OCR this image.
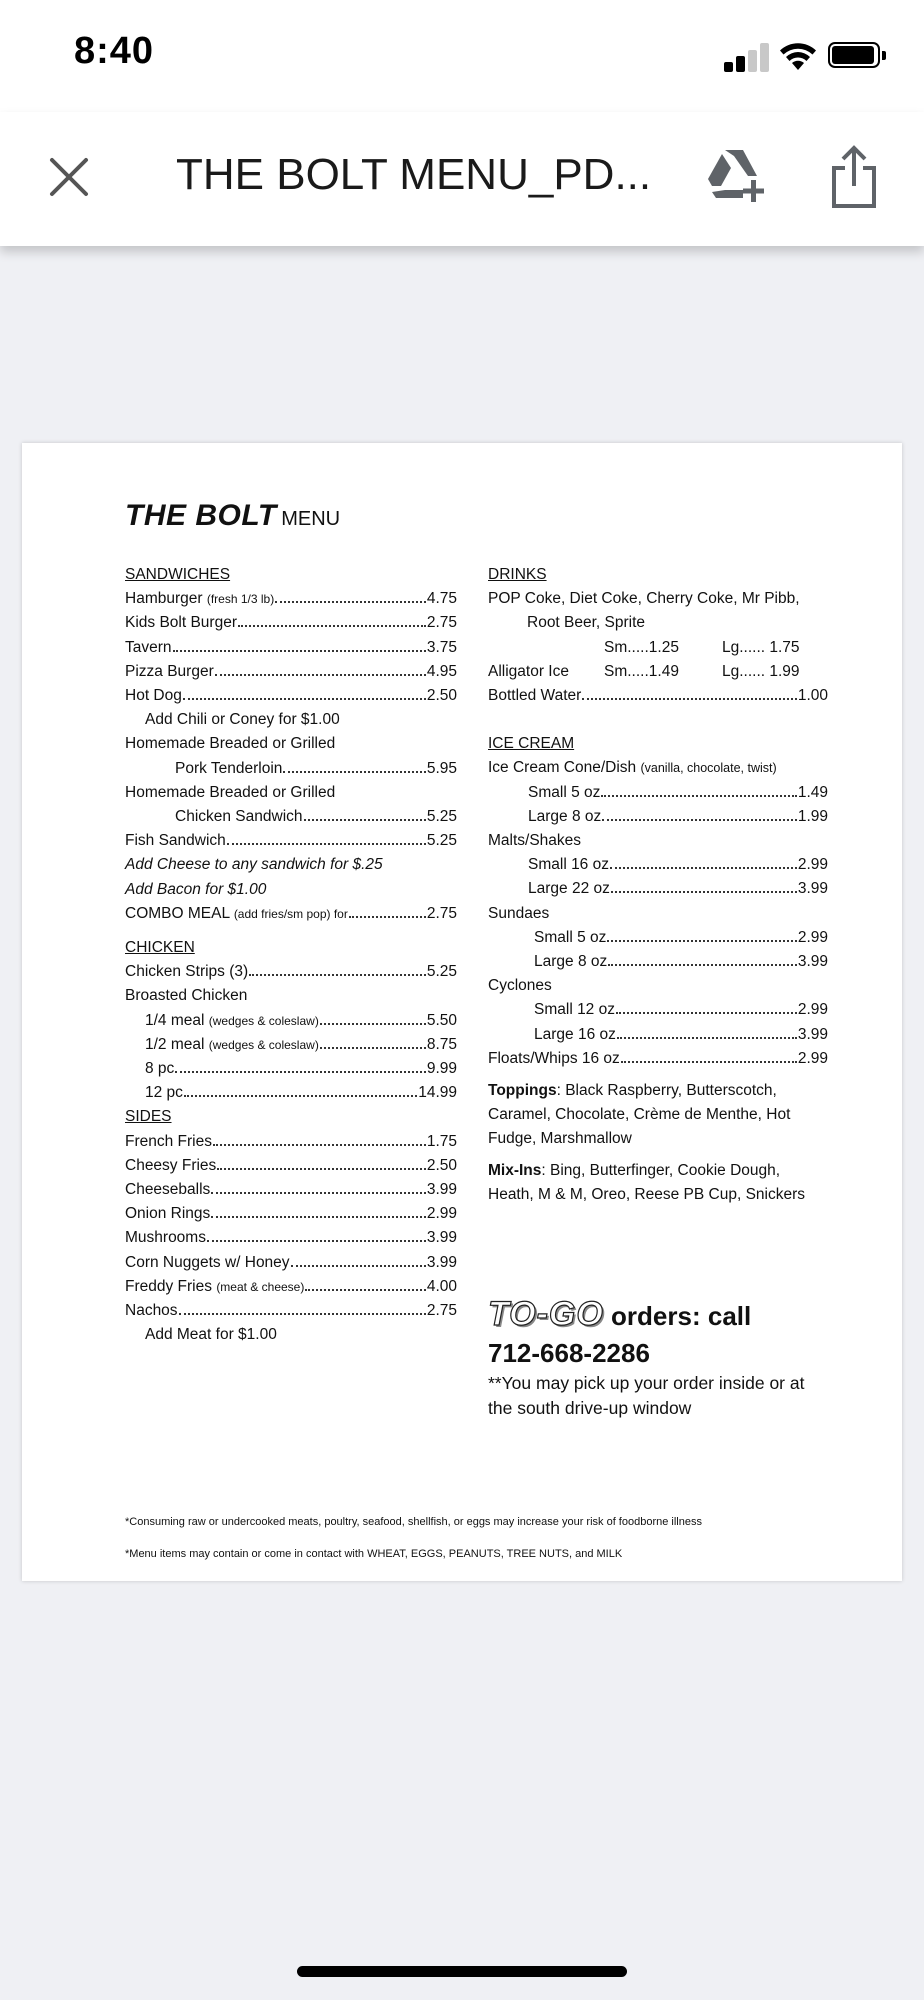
8:40
THE BOLT MENU_PD...
THE BOLT MENU
SANDWICHES
Hamburger (fresh 1/3 lb)	4.75
Kids Bolt Burger	2.75
Tavern	3.75
Pizza Burger	4.95
Hot Dog	2.50
Add Chili or Coney for $1.00
Homemade Breaded or Grilled
Pork Tenderloin	5.95
Homemade Breaded or Grilled
Chicken Sandwich	5.25
Fish Sandwich	5.25
Add Cheese to any sandwich for $.25
Add Bacon for $1.00
COMBO MEAL (add fries/sm pop) for	2.75
CHICKEN
Chicken Strips (3)	5.25
Broasted Chicken
1/4 meal (wedges & coleslaw)	5.50
1/2 meal (wedges & coleslaw)	8.75
8 pc	9.99
12 pc	14.99
SIDES
French Fries	1.75
Cheesy Fries	2.50
Cheeseballs	3.99
Onion Rings	2.99
Mushrooms	3.99
Corn Nuggets w/ Honey	3.99
Freddy Fries (meat & cheese)	4.00
Nachos	2.75
Add Meat for $1.00
DRINKS
POP Coke, Diet Coke, Cherry Coke, Mr Pibb,
Root Beer, Sprite
Sm.....1.25	Lg...... 1.75
Alligator Ice	Sm.....1.49	Lg...... 1.99
Bottled Water	1.00
ICE CREAM
Ice Cream Cone/Dish (vanilla, chocolate, twist)
Small 5 oz	1.49
Large 8 oz	1.99
Malts/Shakes
Small 16 oz	2.99
Large 22 oz	3.99
Sundaes
Small 5 oz	2.99
Large 8 oz	3.99
Cyclones
Small 12 oz	2.99
Large 16 oz	3.99
Floats/Whips 16 oz	2.99
Toppings: Black Raspberry, Butterscotch, Caramel, Chocolate, Crème de Menthe, Hot Fudge, Marshmallow
Mix-Ins: Bing, Butterfinger, Cookie Dough, Heath, M & M, Oreo, Reese PB Cup, Snickers
TO-GO orders: call
712-668-2286
**You may pick up your order inside or at the south drive-up window
*Consuming raw or undercooked meats, poultry, seafood, shellfish, or eggs may increase your risk of foodborne illness
*Menu items may contain or come in contact with WHEAT, EGGS, PEANUTS, TREE NUTS, and MILK
